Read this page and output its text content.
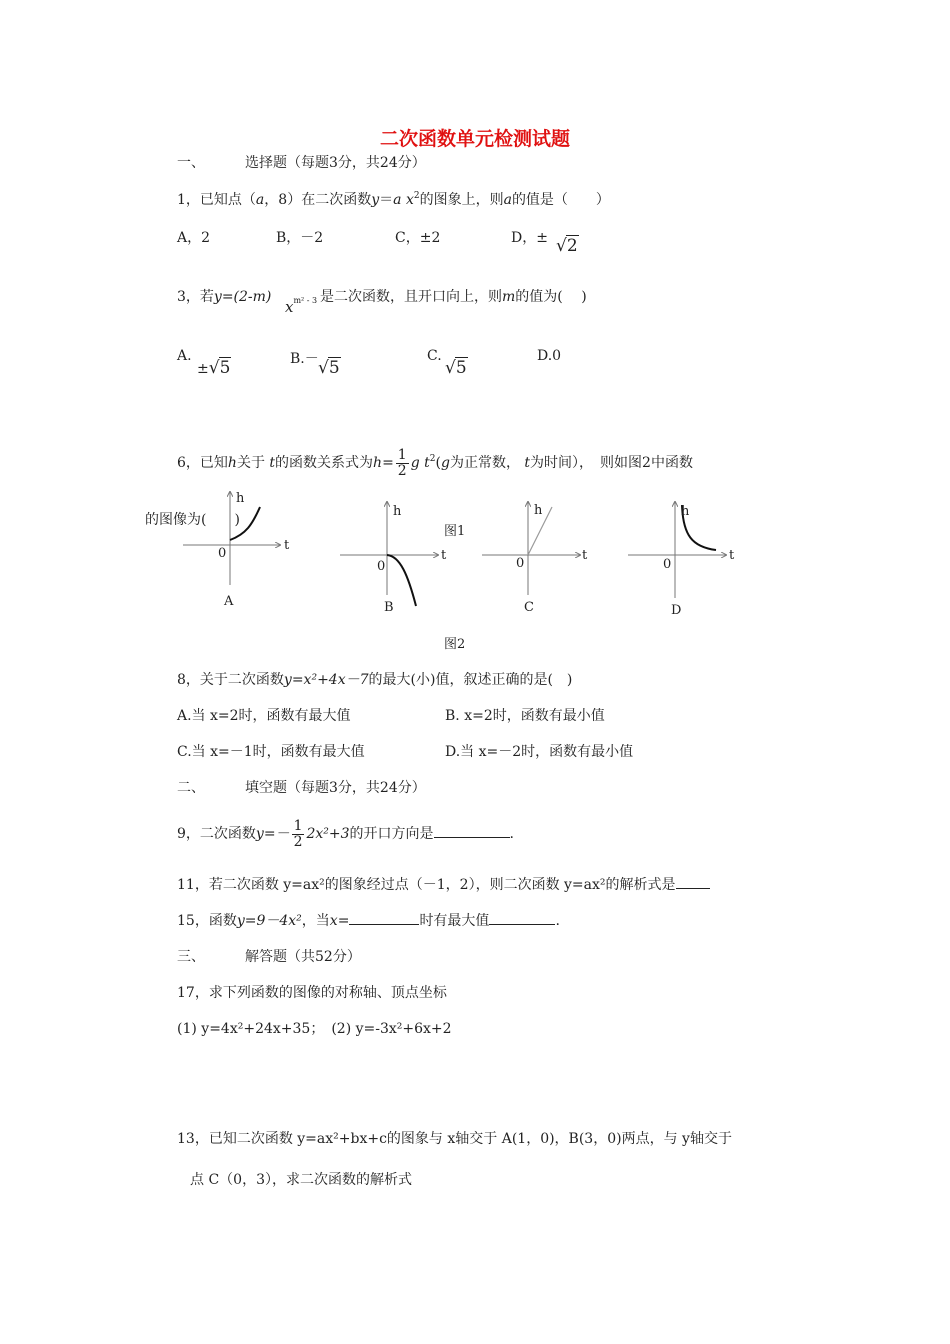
二次函数单元检测试题
一、	选择题（每题3分，共24分）
1，已知点（a，8）在二次函数y＝a $x^2$的图象上，则a的值是（　　）
A，2	B，－2	C，±2	D，± √2
3，若y=(2-m)
$x^{m^2 - 3}$ 是二次函数，且开口向上，则m的值为(　 )
A.
±√5	B.－ √5
C.
√5
D.0
6，已知h关于 t的函数关系式为$h= \frac{1}{2}$ g $t^2(g$为正常数， t为时间），　则如图2中函数
的图像为(　　)
h
t
0
A
h
t
0
B
图1
h
t
0
C
h
t
0
D
图2
8，关于二次函数y=x²+4x－7的最大(小)值，叙述正确的是(　)
A.当 x=2时，函数有最大值	B. x=2时，函数有最小值
C.当 x=－1时，函数有最大值	D.当 x=－2时，函数有最小值
二、	填空题（每题3分，共24分）
9，二次函数$y=- \frac{1}{2} 2x^2+3$的开口方向是	.
11，若二次函数 y=ax²的图象经过点（－1，2），则二次函数 y=ax²的解析式是
15，函数y=9－4x²，当x=	时有最大值	.
三、	解答题（共52分）
17，求下列函数的图像的对称轴、顶点坐标
(1) y=4x²+24x+35；　(2) y=-3x²+6x+2
13，已知二次函数 y=ax²+bx+c的图象与 x轴交于 A(1，0)，B(3，0)两点，与 y轴交于
点 C（0，3），求二次函数的解析式
